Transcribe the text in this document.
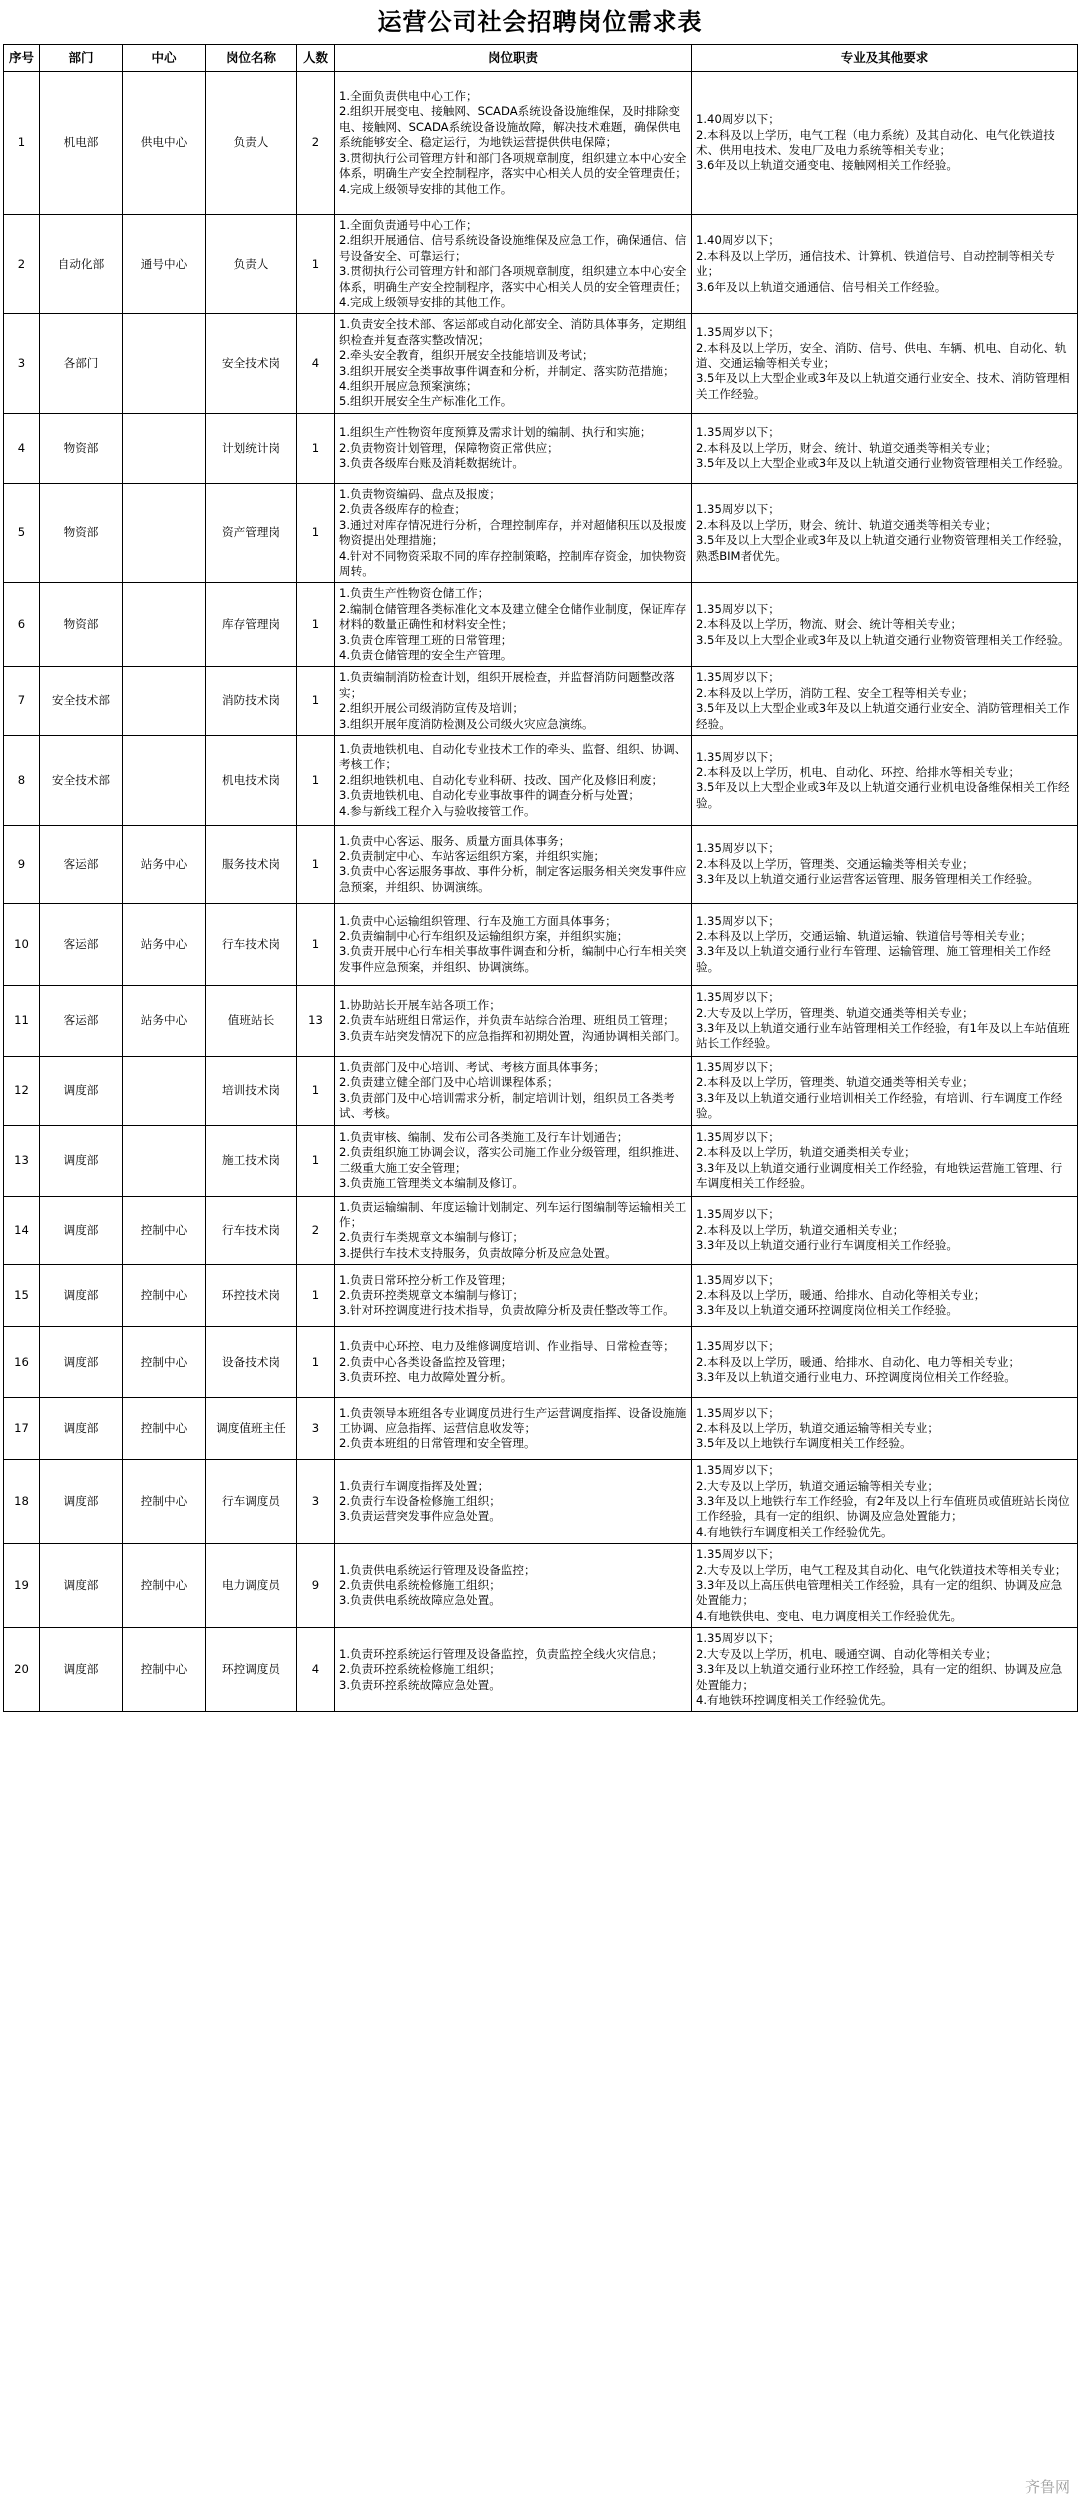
运营公司社会招聘岗位需求表
序号	部门	中心	岗位名称	人数	岗位职责	专业及其他要求
1	机电部	供电中心	负责人	2	1.全面负责供电中心工作；
2.组织开展变电、接触网、SCADA系统设备设施维保，及时排除变电、接触网、SCADA系统设备设施故障，解决技术难题，确保供电系统能够安全、稳定运行，为地铁运营提供供电保障；
3.贯彻执行公司管理方针和部门各项规章制度，组织建立本中心安全体系，明确生产安全控制程序，落实中心相关人员的安全管理责任；
4.完成上级领导安排的其他工作。	1.40周岁以下；
2.本科及以上学历，电气工程（电力系统）及其自动化、电气化铁道技术、供用电技术、发电厂及电力系统等相关专业；
3.6年及以上轨道交通变电、接触网相关工作经验。
2	自动化部	通号中心	负责人	1	1.全面负责通号中心工作；
2.组织开展通信、信号系统设备设施维保及应急工作，确保通信、信号设备安全、可靠运行；
3.贯彻执行公司管理方针和部门各项规章制度，组织建立本中心安全体系，明确生产安全控制程序，落实中心相关人员的安全管理责任；
4.完成上级领导安排的其他工作。	1.40周岁以下；
2.本科及以上学历，通信技术、计算机、铁道信号、自动控制等相关专业；
3.6年及以上轨道交通通信、信号相关工作经验。
3	各部门		安全技术岗	4	1.负责安全技术部、客运部或自动化部安全、消防具体事务，定期组织检查并复查落实整改情况；
2.牵头安全教育，组织开展安全技能培训及考试；
3.组织开展安全类事故事件调查和分析，并制定、落实防范措施；
4.组织开展应急预案演练；
5.组织开展安全生产标准化工作。	1.35周岁以下；
2.本科及以上学历，安全、消防、信号、供电、车辆、机电、自动化、轨道、交通运输等相关专业；
3.5年及以上大型企业或3年及以上轨道交通行业安全、技术、消防管理相关工作经验。
4	物资部		计划统计岗	1	1.组织生产性物资年度预算及需求计划的编制、执行和实施；
2.负责物资计划管理，保障物资正常供应；
3.负责各级库台账及消耗数据统计。	1.35周岁以下；
2.本科及以上学历，财会、统计、轨道交通类等相关专业；
3.5年及以上大型企业或3年及以上轨道交通行业物资管理相关工作经验。
5	物资部		资产管理岗	1	1.负责物资编码、盘点及报废；
2.负责各级库存的检查；
3.通过对库存情况进行分析，合理控制库存，并对超储积压以及报废物资提出处理措施；
4.针对不同物资采取不同的库存控制策略，控制库存资金，加快物资周转。	1.35周岁以下；
2.本科及以上学历，财会、统计、轨道交通类等相关专业；
3.5年及以上大型企业或3年及以上轨道交通行业物资管理相关工作经验，熟悉BIM者优先。
6	物资部		库存管理岗	1	1.负责生产性物资仓储工作；
2.编制仓储管理各类标准化文本及建立健全仓储作业制度，保证库存材料的数量正确性和材料安全性；
3.负责仓库管理工班的日常管理；
4.负责仓储管理的安全生产管理。	1.35周岁以下；
2.本科及以上学历，物流、财会、统计等相关专业；
3.5年及以上大型企业或3年及以上轨道交通行业物资管理相关工作经验。
7	安全技术部		消防技术岗	1	1.负责编制消防检查计划，组织开展检查，并监督消防问题整改落实；
2.组织开展公司级消防宣传及培训；
3.组织开展年度消防检测及公司级火灾应急演练。	1.35周岁以下；
2.本科及以上学历，消防工程、安全工程等相关专业；
3.5年及以上大型企业或3年及以上轨道交通行业安全、消防管理相关工作经验。
8	安全技术部		机电技术岗	1	1.负责地铁机电、自动化专业技术工作的牵头、监督、组织、协调、考核工作；
2.组织地铁机电、自动化专业科研、技改、国产化及修旧利废；
3.负责地铁机电、自动化专业事故事件的调查分析与处置；
4.参与新线工程介入与验收接管工作。	1.35周岁以下；
2.本科及以上学历，机电、自动化、环控、给排水等相关专业；
3.5年及以上大型企业或3年及以上轨道交通行业机电设备维保相关工作经验。
9	客运部	站务中心	服务技术岗	1	1.负责中心客运、服务、质量方面具体事务；
2.负责制定中心、车站客运组织方案，并组织实施；
3.负责中心客运服务事故、事件分析，制定客运服务相关突发事件应急预案，并组织、协调演练。	1.35周岁以下；
2.本科及以上学历，管理类、交通运输类等相关专业；
3.3年及以上轨道交通行业运营客运管理、服务管理相关工作经验。
10	客运部	站务中心	行车技术岗	1	1.负责中心运输组织管理、行车及施工方面具体事务；
2.负责编制中心行车组织及运输组织方案，并组织实施；
3.负责开展中心行车相关事故事件调查和分析，编制中心行车相关突发事件应急预案，并组织、协调演练。	1.35周岁以下；
2.本科及以上学历，交通运输、轨道运输、铁道信号等相关专业；
3.3年及以上轨道交通行业行车管理、运输管理、施工管理相关工作经验。
11	客运部	站务中心	值班站长	13	1.协助站长开展车站各项工作；
2.负责车站班组日常运作，并负责车站综合治理、班组员工管理；
3.负责车站突发情况下的应急指挥和初期处置，沟通协调相关部门。	1.35周岁以下；
2.大专及以上学历，管理类、轨道交通类等相关专业；
3.3年及以上轨道交通行业车站管理相关工作经验，有1年及以上车站值班站长工作经验。
12	调度部		培训技术岗	1	1.负责部门及中心培训、考试、考核方面具体事务；
2.负责建立健全部门及中心培训课程体系；
3.负责部门及中心培训需求分析，制定培训计划，组织员工各类考试、考核。	1.35周岁以下；
2.本科及以上学历，管理类、轨道交通类等相关专业；
3.3年及以上轨道交通行业培训相关工作经验，有培训、行车调度工作经验。
13	调度部		施工技术岗	1	1.负责审核、编制、发布公司各类施工及行车计划通告；
2.负责组织施工协调会议，落实公司施工作业分级管理，组织推进、二级重大施工安全管理；
3.负责施工管理类文本编制及修订。	1.35周岁以下；
2.本科及以上学历，轨道交通类相关专业；
3.3年及以上轨道交通行业调度相关工作经验，有地铁运营施工管理、行车调度相关工作经验。
14	调度部	控制中心	行车技术岗	2	1.负责运输编制、年度运输计划制定、列车运行图编制等运输相关工作；
2.负责行车类规章文本编制与修订；
3.提供行车技术支持服务，负责故障分析及应急处置。	1.35周岁以下；
2.本科及以上学历，轨道交通相关专业；
3.3年及以上轨道交通行业行车调度相关工作经验。
15	调度部	控制中心	环控技术岗	1	1.负责日常环控分析工作及管理；
2.负责环控类规章文本编制与修订；
3.针对环控调度进行技术指导，负责故障分析及责任整改等工作。	1.35周岁以下；
2.本科及以上学历，暖通、给排水、自动化等相关专业；
3.3年及以上轨道交通环控调度岗位相关工作经验。
16	调度部	控制中心	设备技术岗	1	1.负责中心环控、电力及维修调度培训、作业指导、日常检查等；
2.负责中心各类设备监控及管理；
3.负责环控、电力故障处置分析。	1.35周岁以下；
2.本科及以上学历，暖通、给排水、自动化、电力等相关专业；
3.3年及以上轨道交通行业电力、环控调度岗位相关工作经验。
17	调度部	控制中心	调度值班主任	3	1.负责领导本班组各专业调度员进行生产运营调度指挥、设备设施施工协调、应急指挥、运营信息收发等；
2.负责本班组的日常管理和安全管理。	1.35周岁以下；
2.本科及以上学历，轨道交通运输等相关专业；
3.5年及以上地铁行车调度相关工作经验。
18	调度部	控制中心	行车调度员	3	1.负责行车调度指挥及处置；
2.负责行车设备检修施工组织；
3.负责运营突发事件应急处置。	1.35周岁以下；
2.大专及以上学历，轨道交通运输等相关专业；
3.3年及以上地铁行车工作经验，有2年及以上行车值班员或值班站长岗位工作经验，具有一定的组织、协调及应急处置能力；
4.有地铁行车调度相关工作经验优先。
19	调度部	控制中心	电力调度员	9	1.负责供电系统运行管理及设备监控；
2.负责供电系统检修施工组织；
3.负责供电系统故障应急处置。	1.35周岁以下；
2.大专及以上学历，电气工程及其自动化、电气化铁道技术等相关专业；
3.3年及以上高压供电管理相关工作经验，具有一定的组织、协调及应急处置能力；
4.有地铁供电、变电、电力调度相关工作经验优先。
20	调度部	控制中心	环控调度员	4	1.负责环控系统运行管理及设备监控，负责监控全线火灾信息；
2.负责环控系统检修施工组织；
3.负责环控系统故障应急处置。	1.35周岁以下；
2.大专及以上学历，机电、暖通空调、自动化等相关专业；
3.3年及以上轨道交通行业环控工作经验，具有一定的组织、协调及应急处置能力；
4.有地铁环控调度相关工作经验优先。
齐鲁网
